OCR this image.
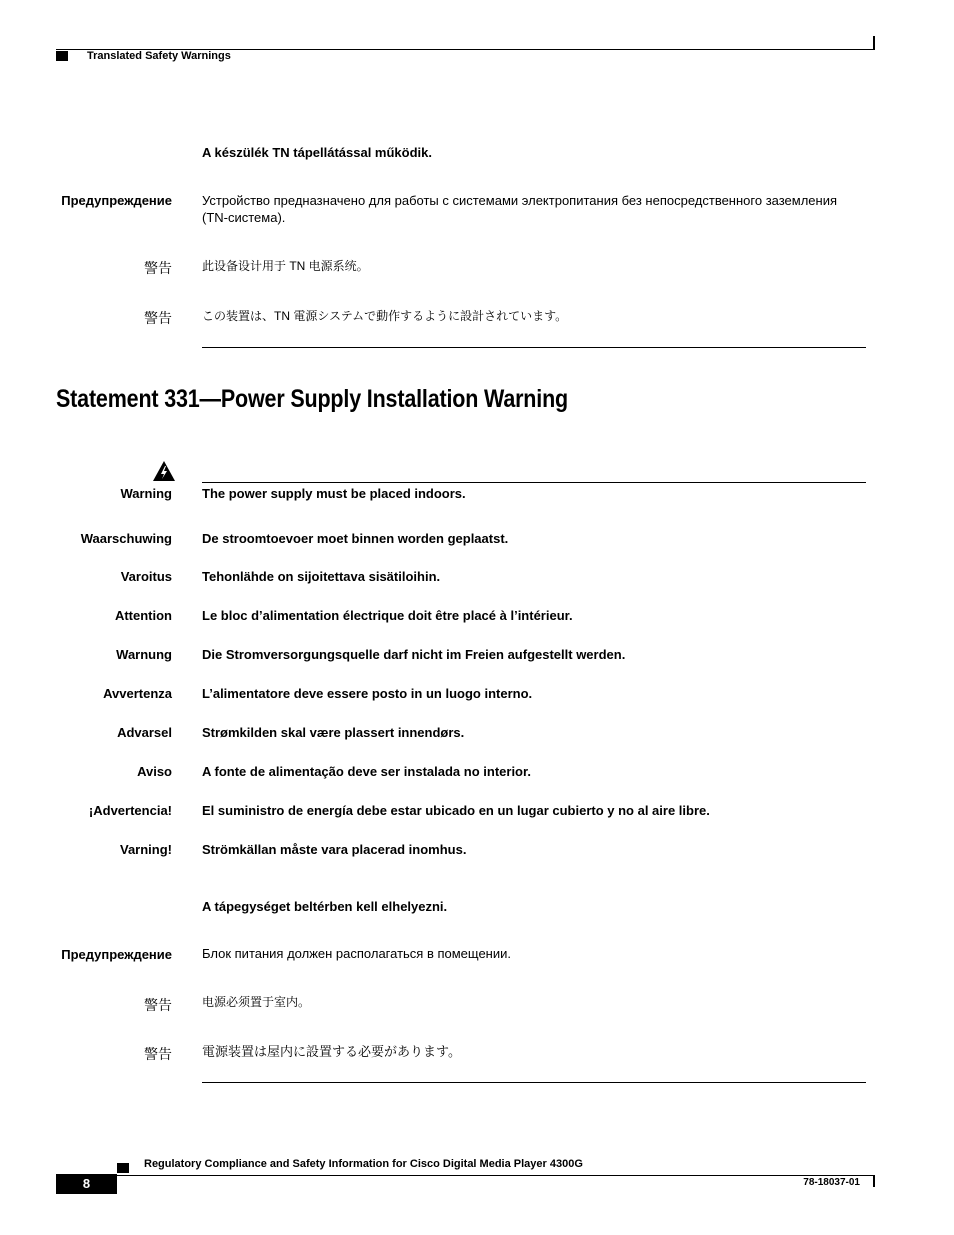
Translated Safety Warnings
A készülék TN tápellátással működik.
Предупреждение Устройство предназначено для работы с системами электропитания без непосредственного заземления (TN-система).
警告	此设备设计用于 TN 电源系统。
警告	この装置は、TN 電源システムで動作するように設計されています。
Statement 331—Power Supply Installation Warning
Warning The power supply must be placed indoors.
Waarschuwing De stroomtoevoer moet binnen worden geplaatst.
Varoitus Tehonlähde on sijoitettava sisätiloihin.
Attention Le bloc d’alimentation électrique doit être placé à l’intérieur.
Warnung Die Stromversorgungsquelle darf nicht im Freien aufgestellt werden.
Avvertenza L’alimentatore deve essere posto in un luogo interno.
Advarsel Strømkilden skal være plassert innendørs.
Aviso A fonte de alimentação deve ser instalada no interior.
¡Advertencia! El suministro de energía debe estar ubicado en un lugar cubierto y no al aire libre.
Varning! Strömkällan måste vara placerad inomhus.
A tápegységet beltérben kell elhelyezni.
Предупреждение Блок питания должен располагаться в помещении.
警告	电源必须置于室内。
警告 電源装置は屋内に設置する必要があります。
Regulatory Compliance and Safety Information for Cisco Digital Media Player 4300G
8	78-18037-01
